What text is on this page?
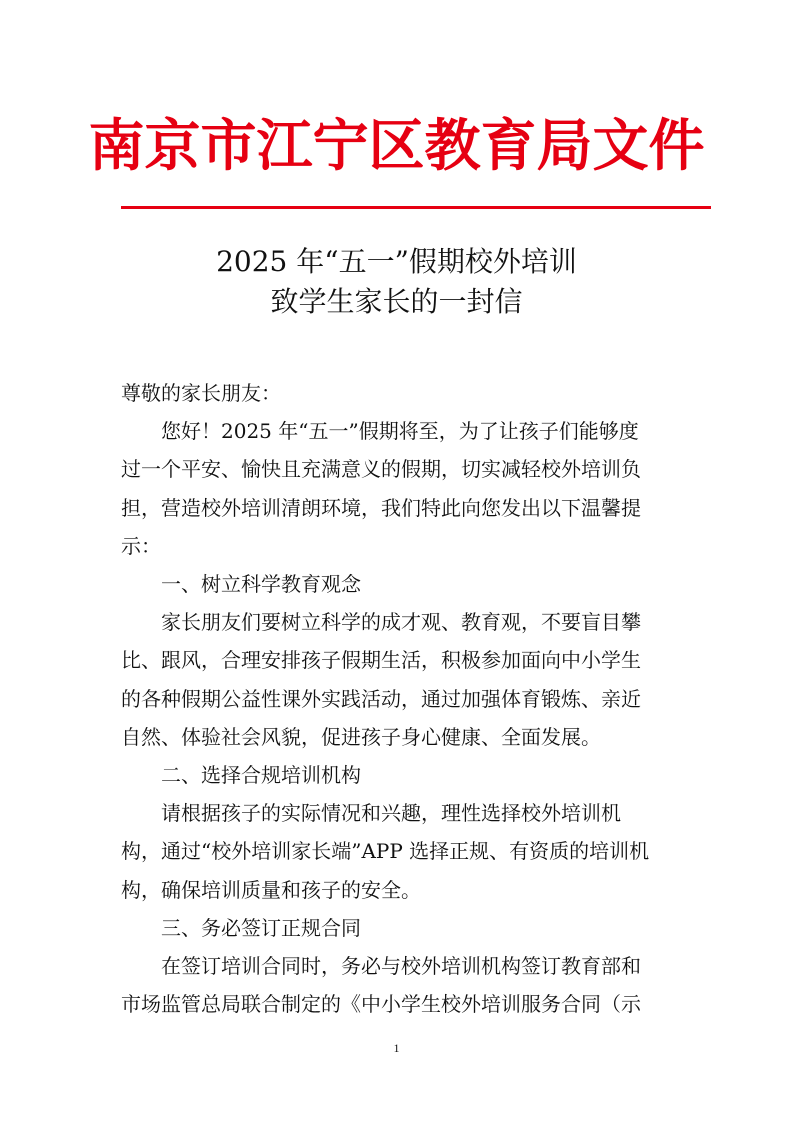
南京市江宁区教育局文件
2025 年“五一”假期校外培训
致学生家长的一封信

尊敬的家长朋友：

您好！2025 年“五一”假期将至，为了让孩子们能够度

过一个平安、愉快且充满意义的假期，切实减轻校外培训负

担，营造校外培训清朗环境，我们特此向您发出以下温馨提

示：

一、树立科学教育观念

家长朋友们要树立科学的成才观、教育观，不要盲目攀

比、跟风，合理安排孩子假期生活，积极参加面向中小学生

的各种假期公益性课外实践活动，通过加强体育锻炼、亲近

自然、体验社会风貌，促进孩子身心健康、全面发展。

二、选择合规培训机构

请根据孩子的实际情况和兴趣，理性选择校外培训机

构，通过“校外培训家长端”APP 选择正规、有资质的培训机

构，确保培训质量和孩子的安全。

三、务必签订正规合同

在签订培训合同时，务必与校外培训机构签订教育部和

市场监管总局联合制定的《中小学生校外培训服务合同（示

1
